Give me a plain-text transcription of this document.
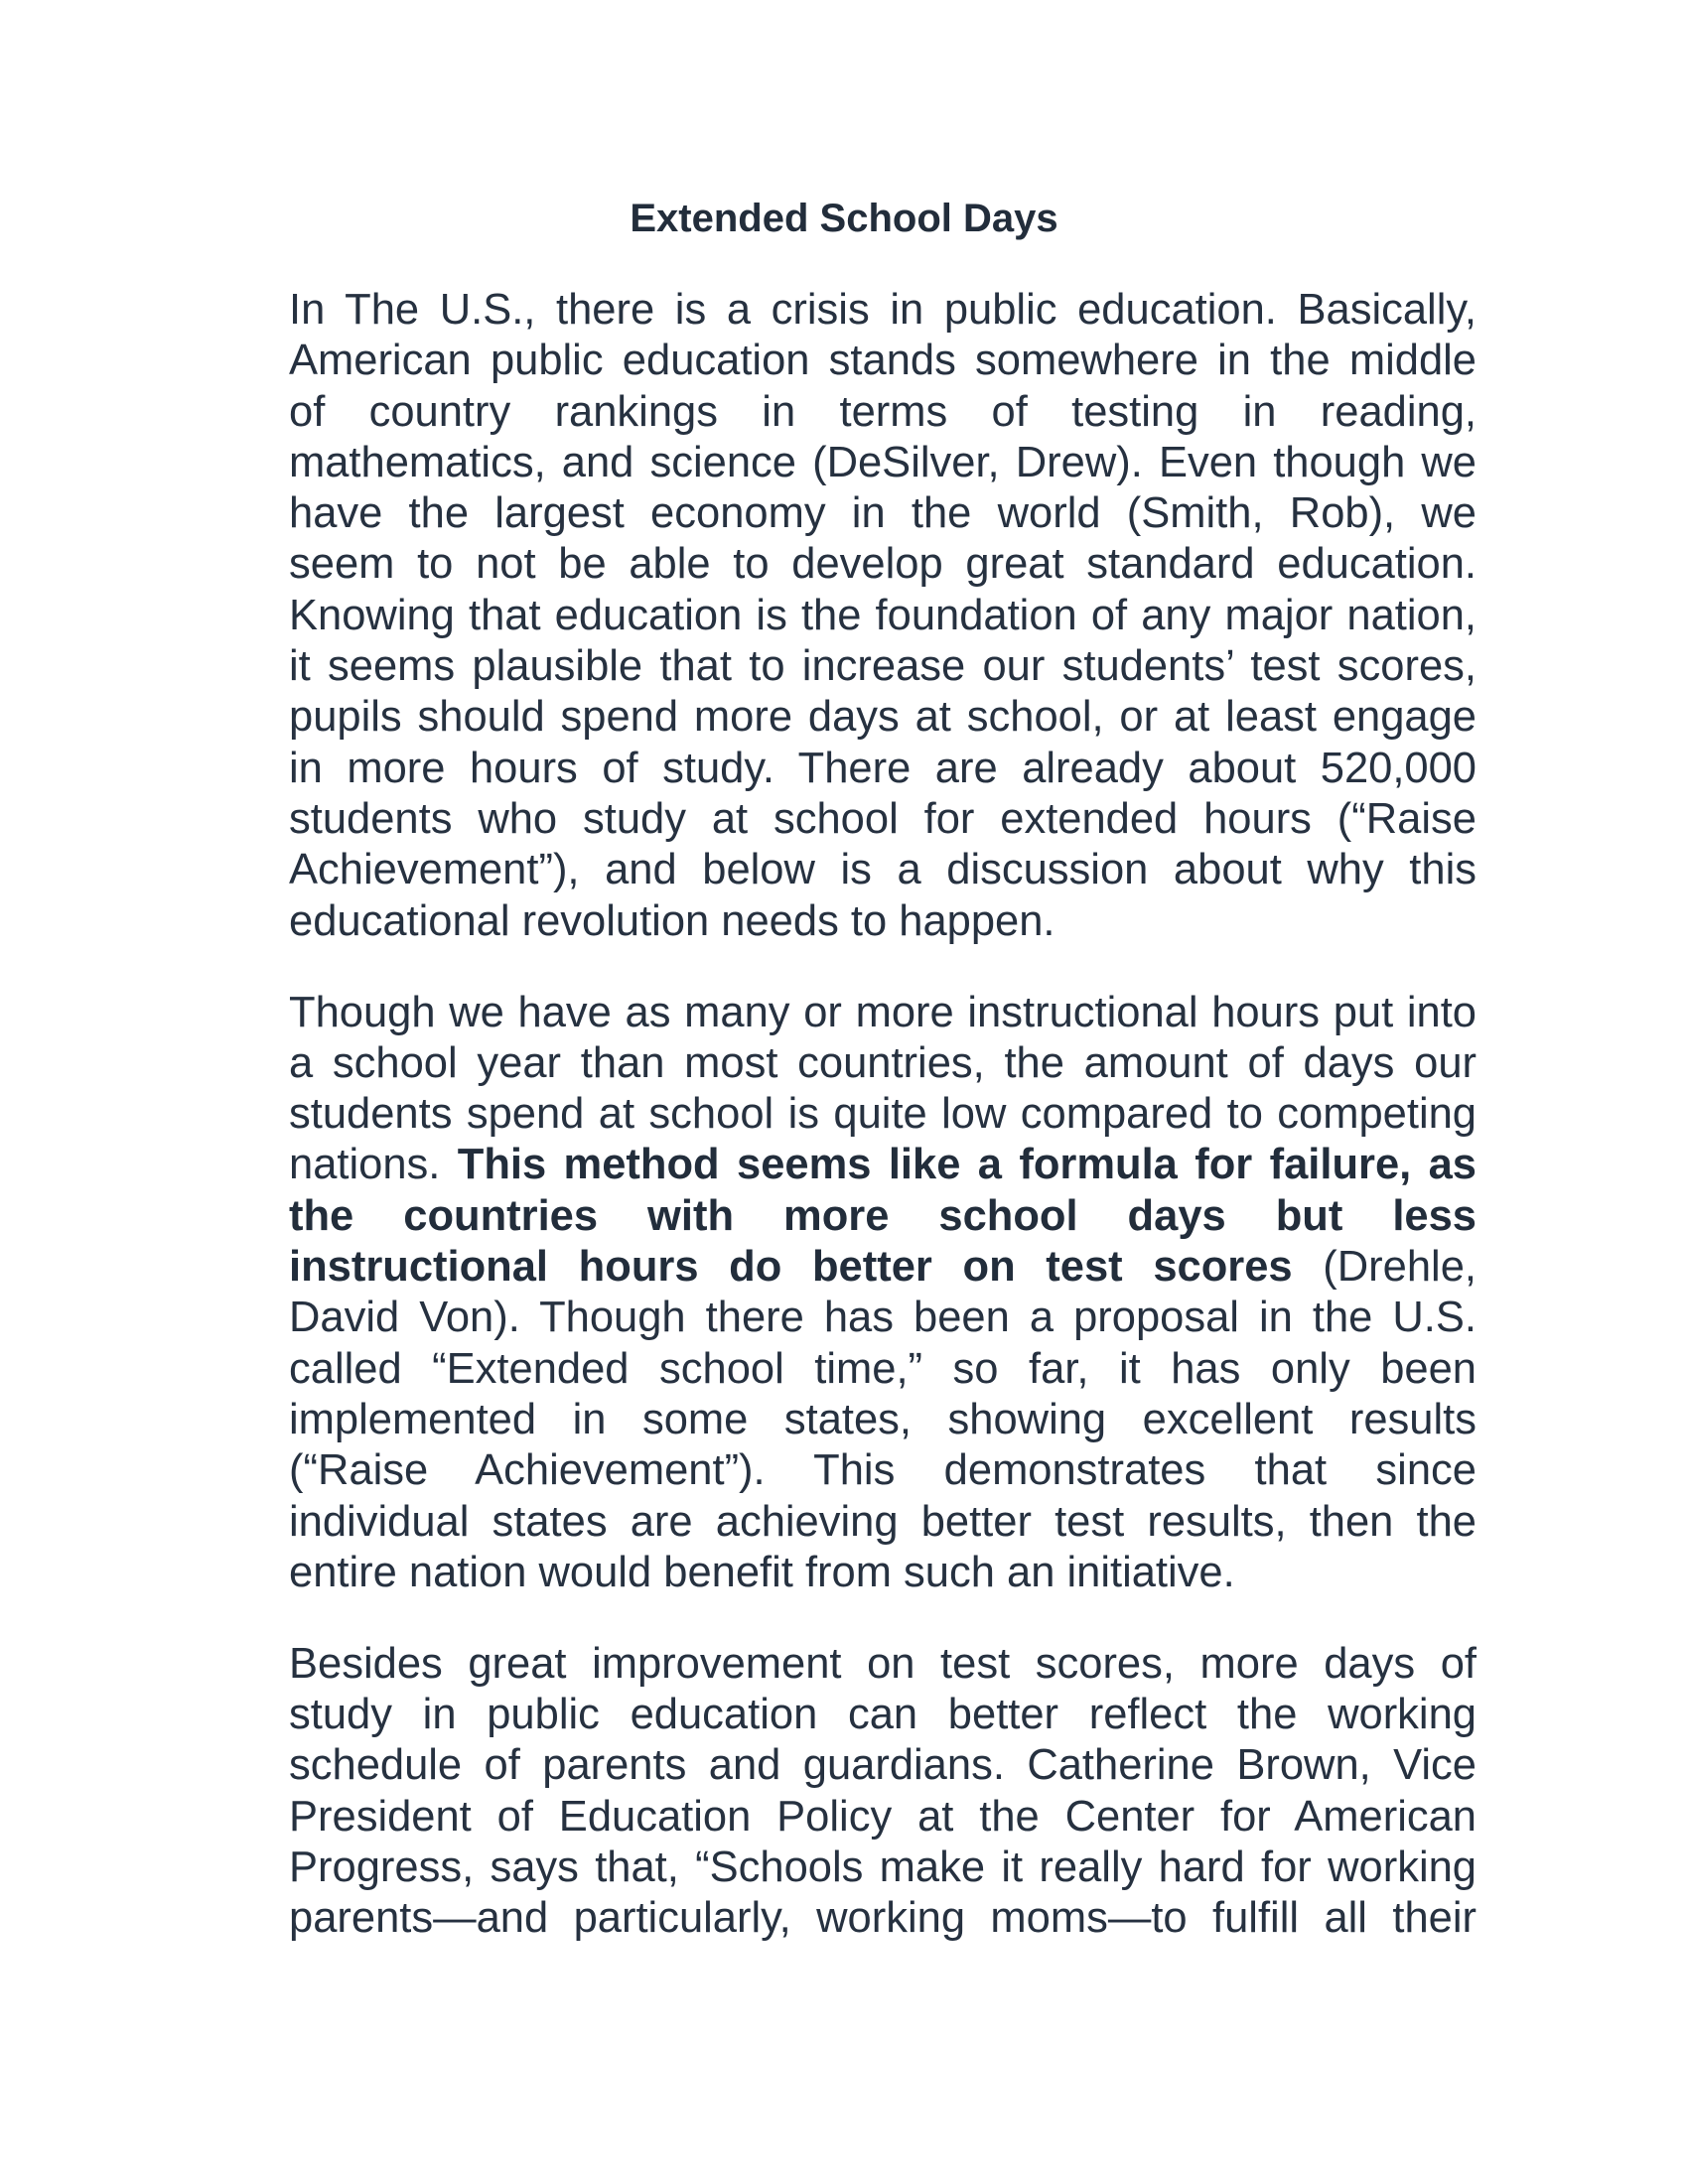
Extended School Days

In The U.S., there is a crisis in public education. Basically,
American public education stands somewhere in the middle
of country rankings in terms of testing in reading,
mathematics, and science (DeSilver, Drew). Even though we
have the largest economy in the world (Smith, Rob), we
seem to not be able to develop great standard education.
Knowing that education is the foundation of any major nation,
it seems plausible that to increase our students’ test scores,
pupils should spend more days at school, or at least engage
in more hours of study. There are already about 520,000
students who study at school for extended hours (“Raise
Achievement”), and below is a discussion about why this
educational revolution needs to happen.

Though we have as many or more instructional hours put into
a school year than most countries, the amount of days our
students spend at school is quite low compared to competing
nations. This method seems like a formula for failure, as
the countries with more school days but less
instructional hours do better on test scores (Drehle,
David Von). Though there has been a proposal in the U.S.
called “Extended school time,” so far, it has only been
implemented in some states, showing excellent results
(“Raise Achievement”). This demonstrates that since
individual states are achieving better test results, then the
entire nation would benefit from such an initiative.

Besides great improvement on test scores, more days of
study in public education can better reflect the working
schedule of parents and guardians. Catherine Brown, Vice
President of Education Policy at the Center for American
Progress, says that, “Schools make it really hard for working
parents—and particularly, working moms—to fulfill all their
